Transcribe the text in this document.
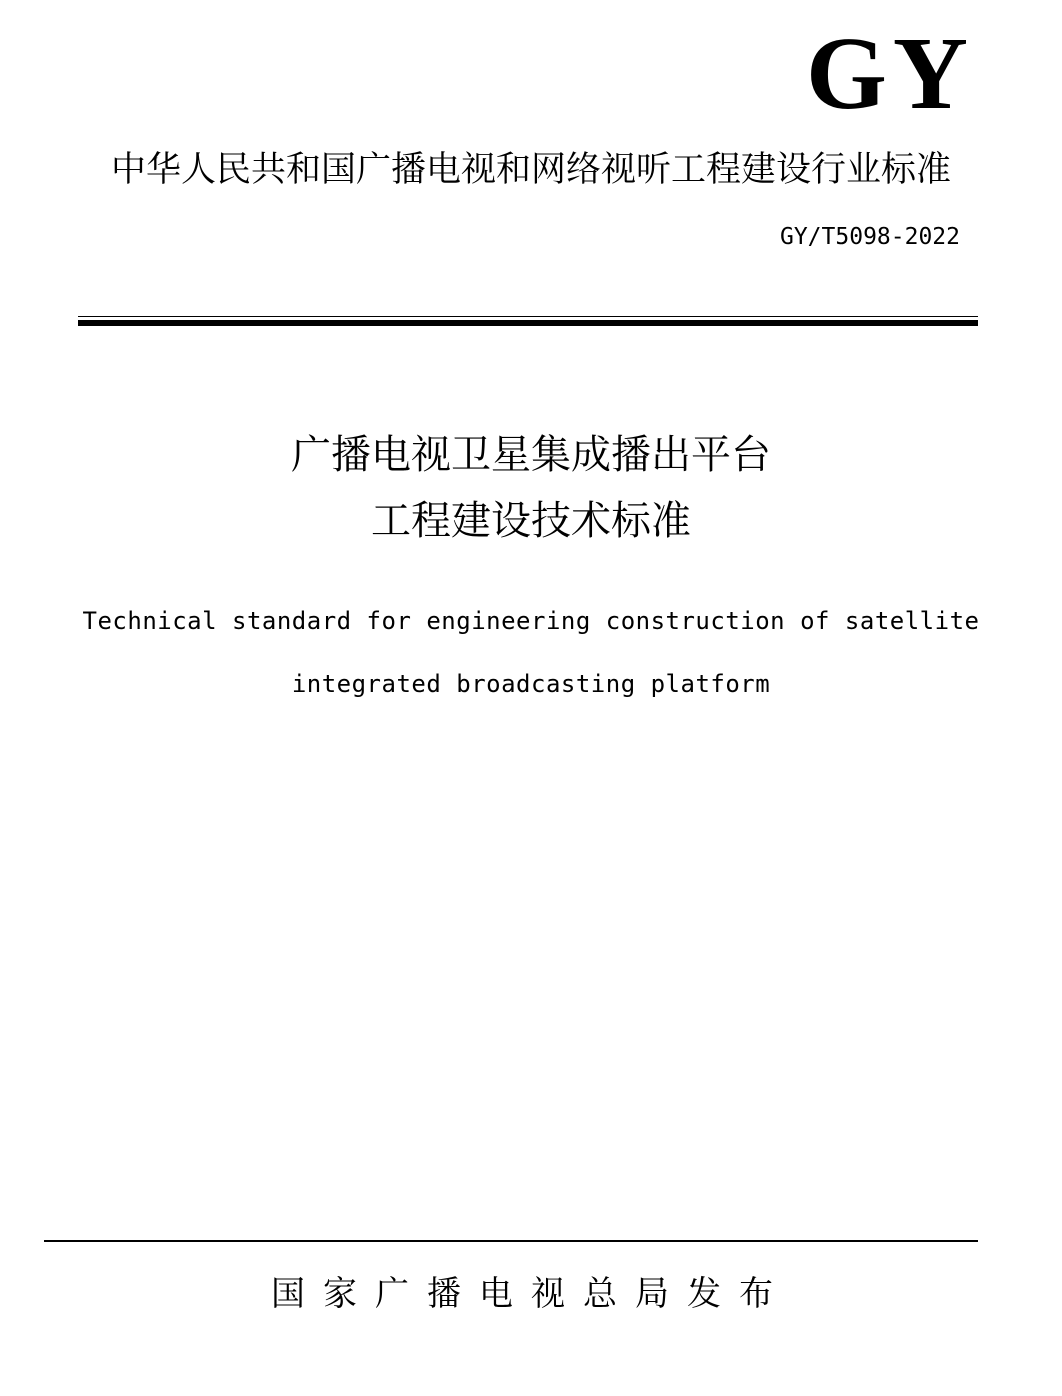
GY
中华人民共和国广播电视和网络视听工程建设行业标准
GY/T5098-2022
广播电视卫星集成播出平台
工程建设技术标准
Technical standard for engineering construction of satellite
integrated broadcasting platform
国家广播电视总局发布
